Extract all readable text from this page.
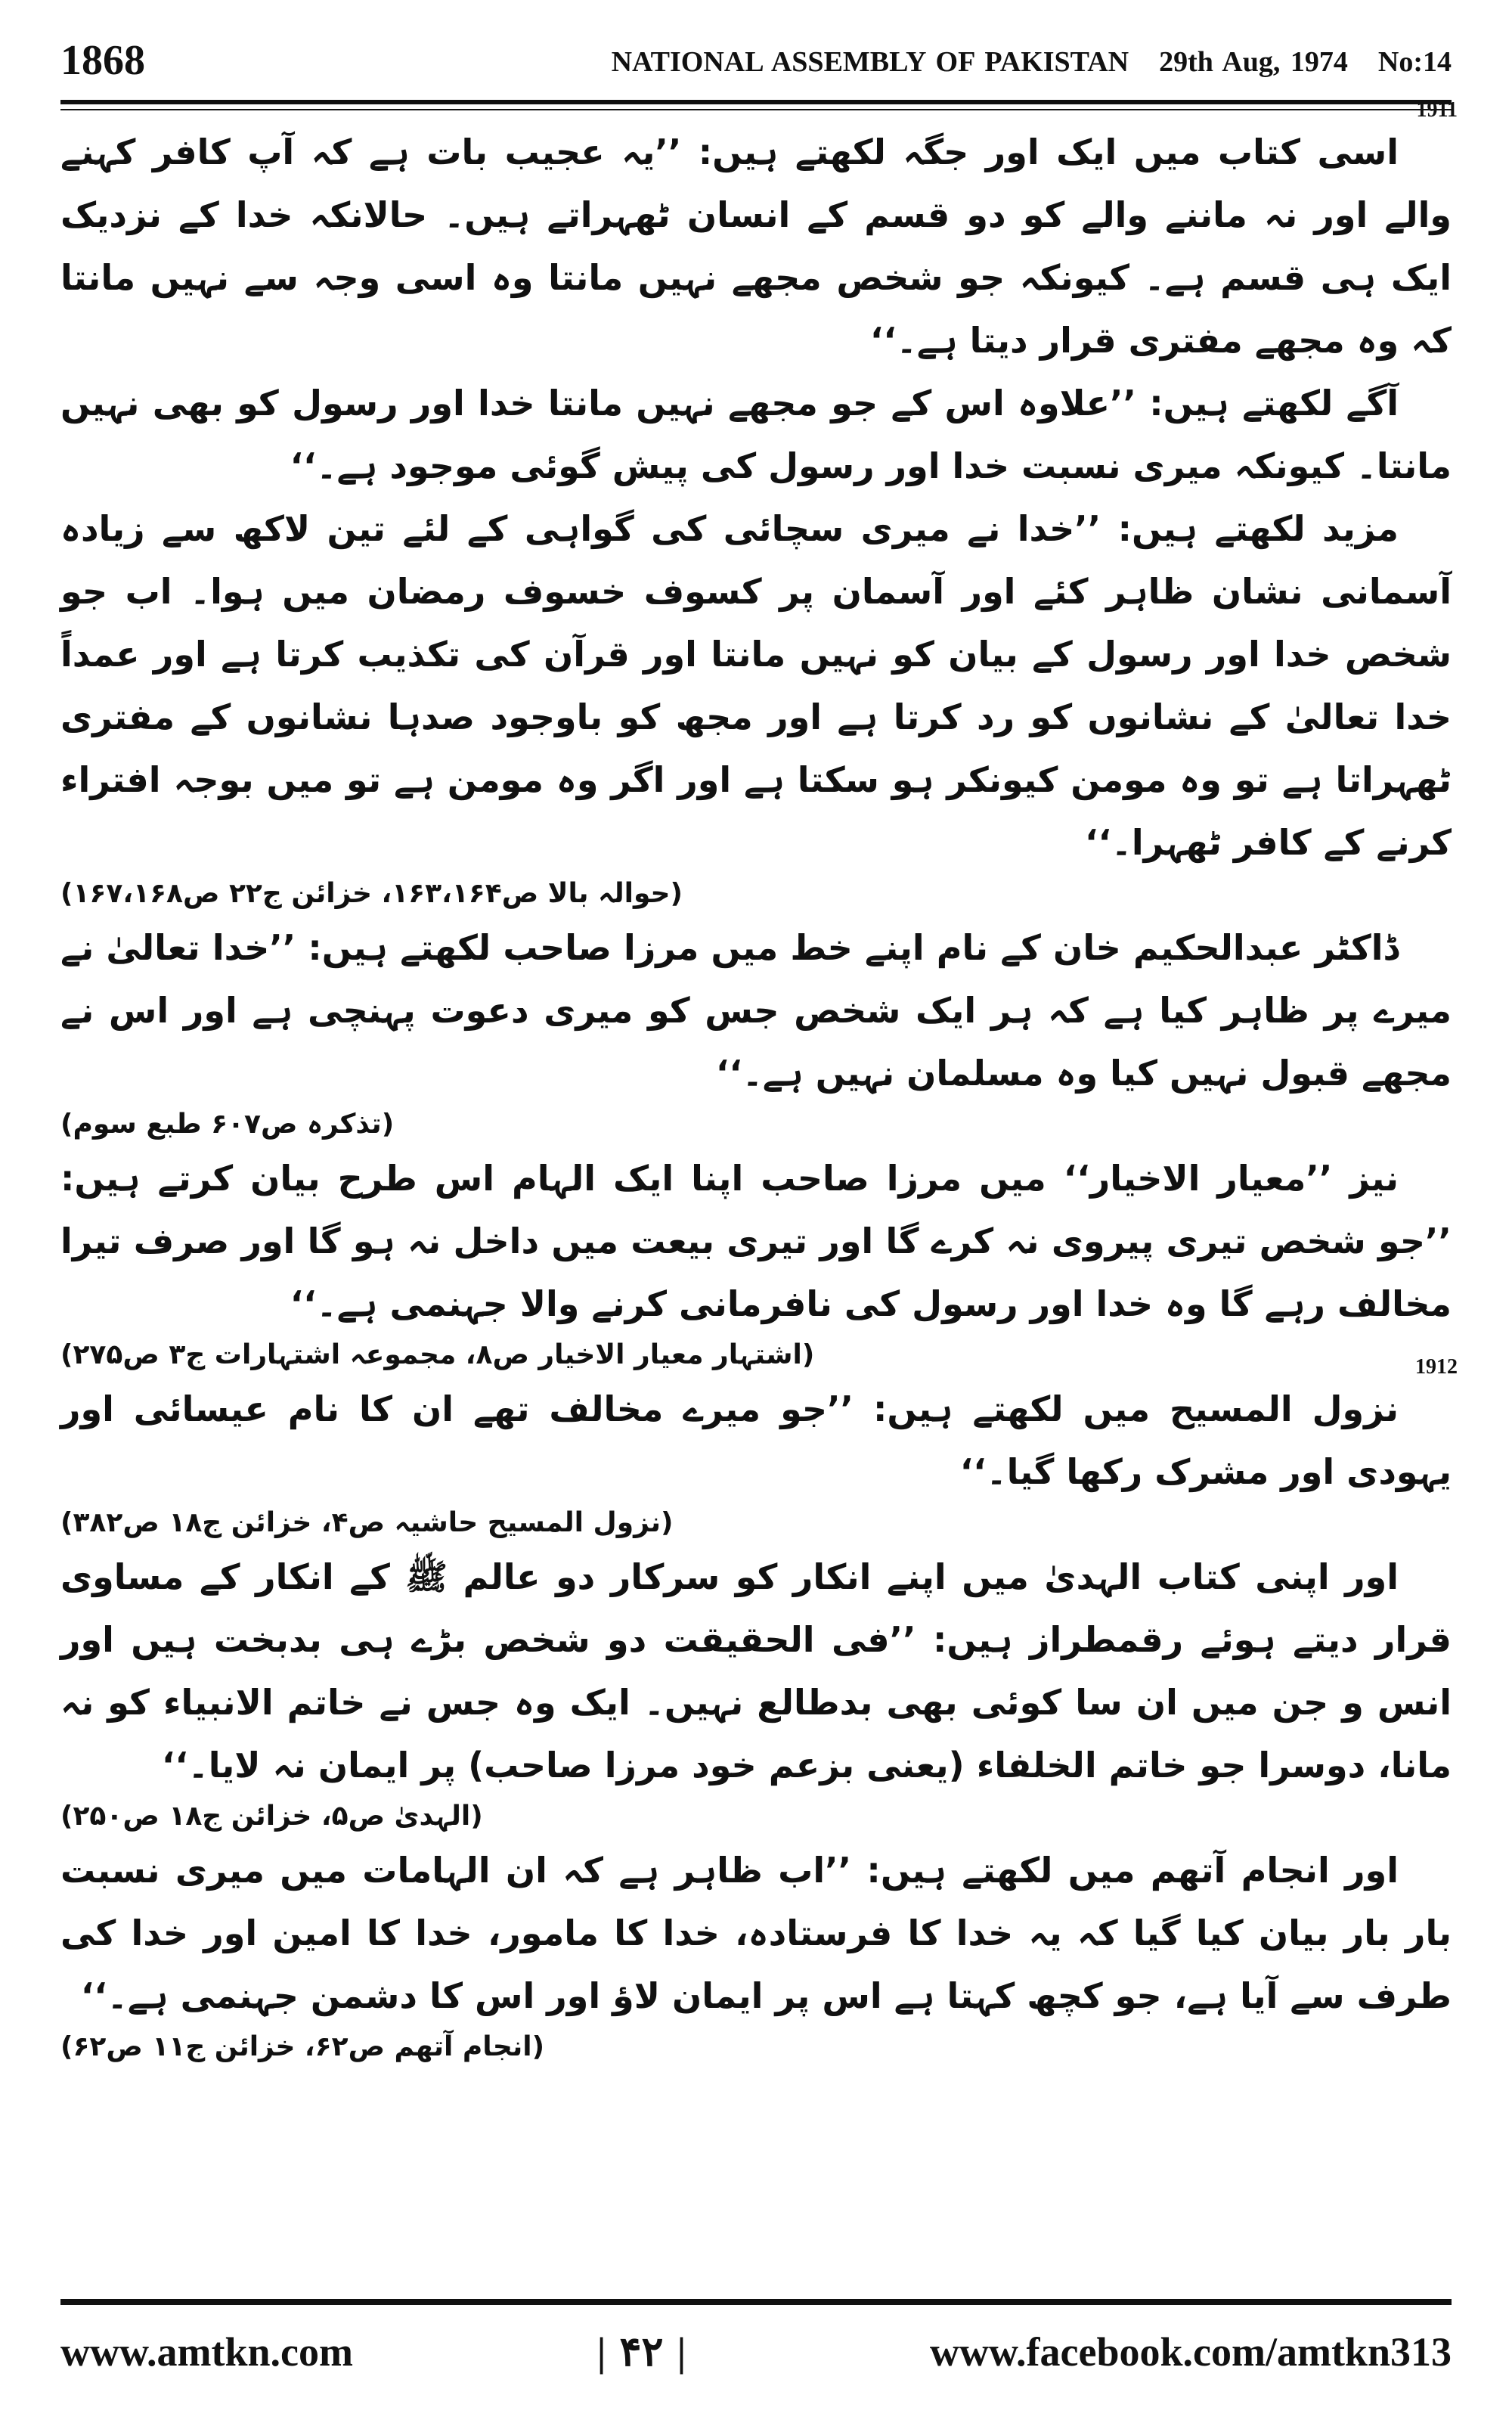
1868	NATIONAL ASSEMBLY OF PAKISTAN 29th Aug, 1974 No:14

1911
اسی کتاب میں ایک اور جگہ لکھتے ہیں: ’’یہ عجیب بات ہے کہ آپ کافر کہنے والے اور نہ ماننے والے کو دو قسم کے انسان ٹھہراتے ہیں۔ حالانکہ خدا کے نزدیک ایک ہی قسم ہے۔ کیونکہ جو شخص مجھے نہیں مانتا وہ اسی وجہ سے نہیں مانتا کہ وہ مجھے مفتری قرار دیتا ہے۔‘‘

آگے لکھتے ہیں: ’’علاوہ اس کے جو مجھے نہیں مانتا خدا اور رسول کو بھی نہیں مانتا۔ کیونکہ میری نسبت خدا اور رسول کی پیش گوئی موجود ہے۔‘‘

مزید لکھتے ہیں: ’’خدا نے میری سچائی کی گواہی کے لئے تین لاکھ سے زیادہ آسمانی نشان ظاہر کئے اور آسمان پر کسوف خسوف رمضان میں ہوا۔ اب جو شخص خدا اور رسول کے بیان کو نہیں مانتا اور قرآن کی تکذیب کرتا ہے اور عمداً خدا تعالیٰ کے نشانوں کو رد کرتا ہے اور مجھ کو باوجود صدہا نشانوں کے مفتری ٹھہراتا ہے تو وہ مومن کیونکر ہو سکتا ہے اور اگر وہ مومن ہے تو میں بوجہ افتراء کرنے کے کافر ٹھہرا۔‘‘
(حوالہ بالا ص۱۶۳،۱۶۴، خزائن ج۲۲ ص۱۶۷،۱۶۸)

ڈاکٹر عبدالحکیم خان کے نام اپنے خط میں مرزا صاحب لکھتے ہیں: ’’خدا تعالیٰ نے میرے پر ظاہر کیا ہے کہ ہر ایک شخص جس کو میری دعوت پہنچی ہے اور اس نے مجھے قبول نہیں کیا وہ مسلمان نہیں ہے۔‘‘
(تذکرہ ص۶۰۷ طبع سوم)

نیز ’’معیار الاخیار‘‘ میں مرزا صاحب اپنا ایک الہام اس طرح بیان کرتے ہیں: ’’جو شخص تیری پیروی نہ کرے گا اور تیری بیعت میں داخل نہ ہو گا اور صرف تیرا مخالف رہے گا وہ خدا اور رسول کی نافرمانی کرنے والا جہنمی ہے۔‘‘
(اشتہار معیار الاخیار ص۸، مجموعہ اشتہارات ج۳ ص۲۷۵)	1912
نزول المسیح میں لکھتے ہیں: ’’جو میرے مخالف تھے ان کا نام عیسائی اور یہودی اور مشرک رکھا گیا۔‘‘
(نزول المسیح حاشیہ ص۴، خزائن ج۱۸ ص۳۸۲)

اور اپنی کتاب الہدیٰ میں اپنے انکار کو سرکار دو عالم ﷺ کے انکار کے مساوی قرار دیتے ہوئے رقمطراز ہیں: ’’فی الحقیقت دو شخص بڑے ہی بدبخت ہیں اور انس و جن میں ان سا کوئی بھی بدطالع نہیں۔ ایک وہ جس نے خاتم الانبیاء کو نہ مانا، دوسرا جو خاتم الخلفاء (یعنی بزعم خود مرزا صاحب) پر ایمان نہ لایا۔‘‘
(الہدیٰ ص۵، خزائن ج۱۸ ص۲۵۰)

اور انجام آتھم میں لکھتے ہیں: ’’اب ظاہر ہے کہ ان الہامات میں میری نسبت بار بار بیان کیا گیا کہ یہ خدا کا فرستادہ، خدا کا مامور، خدا کا امین اور خدا کی طرف سے آیا ہے، جو کچھ کہتا ہے اس پر ایمان لاؤ اور اس کا دشمن جہنمی ہے۔‘‘
(انجام آتھم ص۶۲، خزائن ج۱۱ ص۶۲)

www.amtkn.com	| ۴۲ |	www.facebook.com/amtkn313
